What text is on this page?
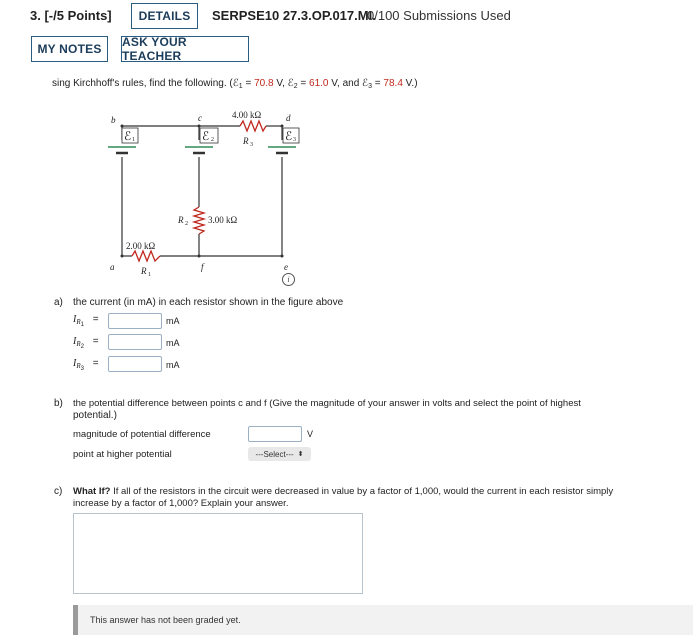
3. [-/5 Points]	DETAILS	SERPSE10 27.3.OP.017.MI.
0/100 Submissions Used
MY NOTES	ASK YOUR TEACHER
sing Kirchhoff's rules, find the following. (ℰ$_1$ = 70.8 V, ℰ$_2$ = 61.0 V, and ℰ$_3$ = 78.4 V.)
b	c	d
a	f	e
ℰ 1	ℰ 2	ℰ 3
4.00 kΩ
R 3
R 2 3.00 kΩ
2.00 kΩ
R 1	i
a) the current (in mA) in each resistor shown in the figure above
$I_{R1}$ =	mA
$I_{R2}$ =	mA
$I_{R3}$ =	mA
b) the potential difference between points c and f (Give the magnitude of your answer in volts and select the point of highest
potential.)
magnitude of potential difference	V
point at higher potential	---Select--- ⬍
c) What If? If all of the resistors in the circuit were decreased in value by a factor of 1,000, would the current in each resistor simply
increase by a factor of 1,000? Explain your answer.
This answer has not been graded yet.
